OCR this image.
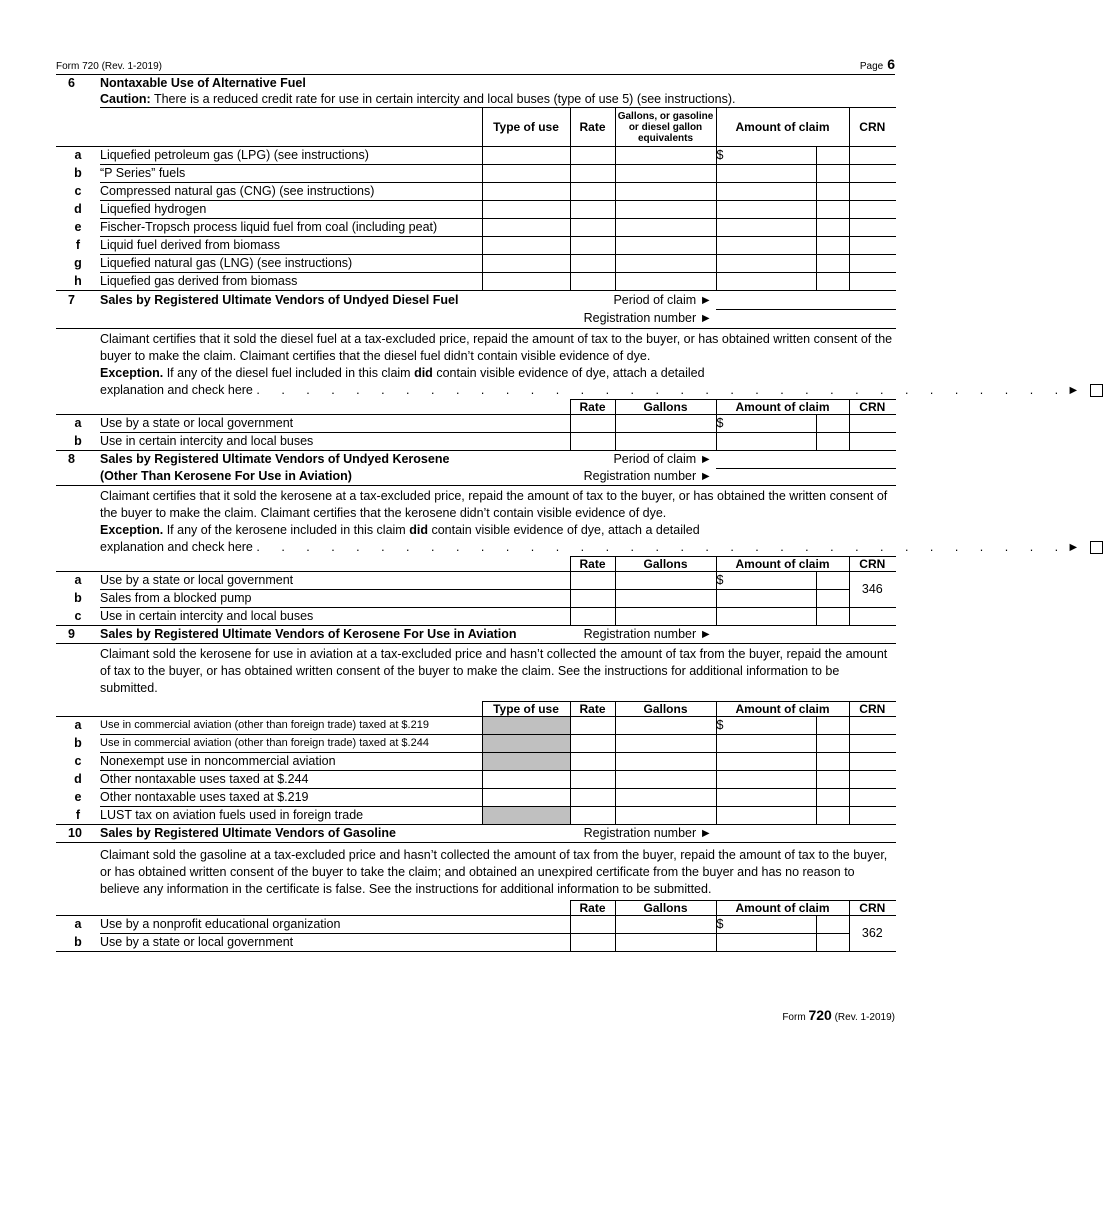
Form 720 (Rev. 1-2019)	Page 6
6	Nontaxable Use of Alternative Fuel						
	Caution: There is a reduced credit rate for use in certain intercity and local buses (type of use 5) (see instructions).						
		Type of use	Rate	Gallons, or gasoline or diesel gallon equivalents	Amount of claim		CRN
a	Liquefied petroleum gas (LPG) (see instructions)				$		
b	“P Series” fuels						
c	Compressed natural gas (CNG) (see instructions)						
d	Liquefied hydrogen						
e	Fischer-Tropsch process liquid fuel from coal (including peat)						
f	Liquid fuel derived from biomass						
g	Liquefied natural gas (LNG) (see instructions)						
h	Liquefied gas derived from biomass						
7	Sales by Registered Ultimate Vendors of Undyed Diesel Fuel		Period of claim ►				
			Registration number ►				
	Claimant certifies that it sold the diesel fuel at a tax-excluded price, repaid the amount of tax to the buyer, or has obtained written consent of the buyer to make the claim. Claimant certifies that the diesel fuel didn’t contain visible evidence of dye.						
	Exception. If any of the diesel fuel included in this claim did contain visible evidence of dye, attach a detailed						
	explanation and check here . . . . . . . . . . . . . . . . . . . . . . . . . . . . . . . . .►						
			Rate	Gallons	Amount of claim		CRN
a	Use by a state or local government				$		
b	Use in certain intercity and local buses						
8	Sales by Registered Ultimate Vendors of Undyed Kerosene		Period of claim ►				
	(Other Than Kerosene For Use in Aviation)		Registration number ►				
	Claimant certifies that it sold the kerosene at a tax-excluded price, repaid the amount of tax to the buyer, or has obtained the written consent of the buyer to make the claim. Claimant certifies that the kerosene didn’t contain visible evidence of dye.						
	Exception. If any of the kerosene included in this claim did contain visible evidence of dye, attach a detailed						
	explanation and check here . . . . . . . . . . . . . . . . . . . . . . . . . . . . . . . . .►						
			Rate	Gallons	Amount of claim		CRN
a	Use by a state or local government				$		346
b	Sales from a blocked pump						
c	Use in certain intercity and local buses						
9	Sales by Registered Ultimate Vendors of Kerosene For Use in Aviation		Registration number ►				
	Claimant sold the kerosene for use in aviation at a tax-excluded price and hasn’t collected the amount of tax from the buyer, repaid the amount of tax to the buyer, or has obtained written consent of the buyer to make the claim. See the instructions for additional information to be submitted.						
		Type of use	Rate	Gallons	Amount of claim		CRN
a	Use in commercial aviation (other than foreign trade) taxed at $.219				$		
b	Use in commercial aviation (other than foreign trade) taxed at $.244						
c	Nonexempt use in noncommercial aviation						
d	Other nontaxable uses taxed at $.244						
e	Other nontaxable uses taxed at $.219						
f	LUST tax on aviation fuels used in foreign trade						
10	Sales by Registered Ultimate Vendors of Gasoline		Registration number ►				
	Claimant sold the gasoline at a tax-excluded price and hasn’t collected the amount of tax from the buyer, repaid the amount of tax to the buyer, or has obtained written consent of the buyer to take the claim; and obtained an unexpired certificate from the buyer and has no reason to believe any information in the certificate is false. See the instructions for additional information to be submitted.						
			Rate	Gallons	Amount of claim		CRN
a	Use by a nonprofit educational organization				$		362
b	Use by a state or local government						
Form 720 (Rev. 1-2019)
